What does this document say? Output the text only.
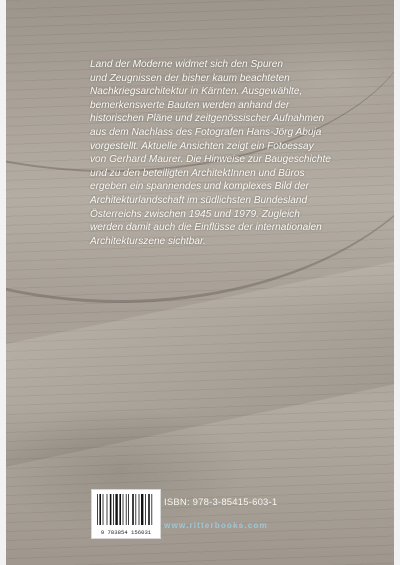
Land der Moderne widmet sich den Spuren
und Zeugnissen der bisher kaum beachteten
Nachkriegsarchitektur in Kärnten. Ausgewählte,
bemerkenswerte Bauten werden anhand der
historischen Pläne und zeitgenössischer Aufnahmen
aus dem Nachlass des Fotografen Hans-Jörg Abuja
vorgestellt. Aktuelle Ansichten zeigt ein Fotoessay
von Gerhard Maurer. Die Hinweise zur Baugeschichte
und zu den beteiligten ArchitektInnen und Büros
ergeben ein spannendes und komplexes Bild der
Architekturlandschaft im südlichsten Bundesland
Österreichs zwischen 1945 und 1979. Zugleich
werden damit auch die Einflüsse der internationalen
Architekturszene sichtbar.
9 783854 156031
ISBN: 978-3-85415-603-1
www.ritterbooks.com
